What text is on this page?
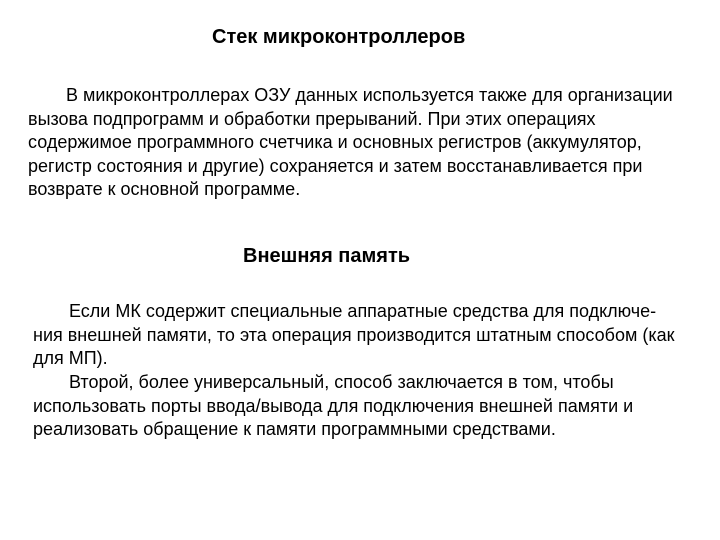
Стек микроконтроллеров

В микроконтроллерах ОЗУ данных используется также для организации вызова подпрограмм и обработки прерываний. При этих операциях содержимое программного счетчика и основных регистров (аккумулятор, регистр состояния и другие) сохраняется и затем восстанавливается при возврате к основной программе.

Внешняя память

Если МК содержит специальные аппаратные средства для подключе-ния внешней памяти, то эта операция производится штатным способом (как для МП).

Второй, более универсальный, способ заключается в том, чтобы использовать порты ввода/вывода для подключения внешней памяти и реализовать обращение к памяти программными средствами.
